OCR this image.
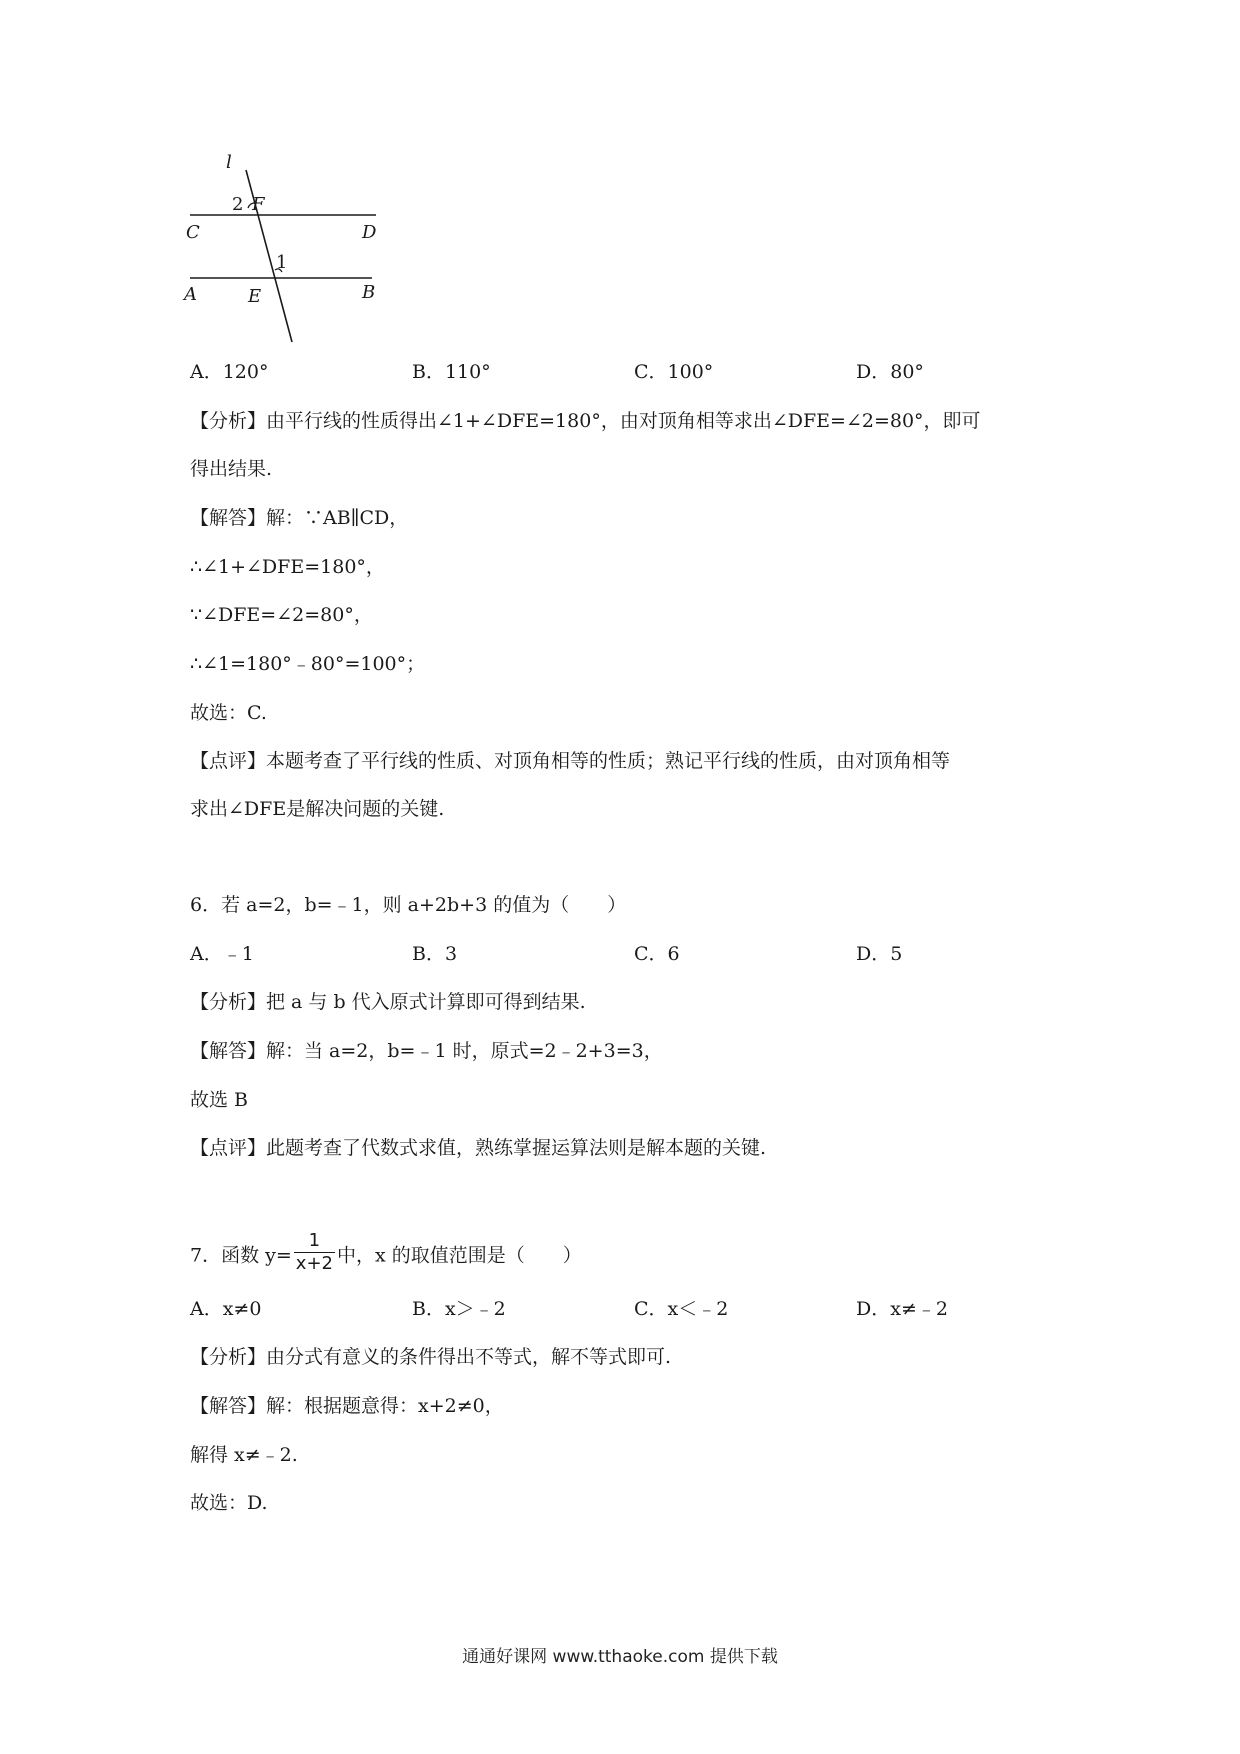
l
2 F
C	D
1
A	E	B
A．120°	B．110°	C．100°	D．80°
【分析】由平行线的性质得出∠1+∠DFE=180°，由对顶角相等求出∠DFE=∠2=80°，即可
得出结果.
【解答】解：∵AB∥CD，
∴∠1+∠DFE=180°，
∵∠DFE=∠2=80°，
∴∠1=180°﹣80°=100°；
故选：C.
【点评】本题考查了平行线的性质、对顶角相等的性质；熟记平行线的性质，由对顶角相等
求出∠DFE是解决问题的关键.
6．若 a=2，b=﹣1，则 a+2b+3 的值为（　　）
A．﹣1	B．3	C．6	D．5
【分析】把 a 与 b 代入原式计算即可得到结果.
【解答】解：当 a=2，b=﹣1 时，原式=2﹣2+3=3，
故选 B
【点评】此题考查了代数式求值，熟练掌握运算法则是解本题的关键.
7．函数 $y= \frac{1}{x+2}$ 中，x 的取值范围是（　　）
A．x≠0	B．x＞﹣2	C．x＜﹣2	D．x≠﹣2
【分析】由分式有意义的条件得出不等式，解不等式即可.
【解答】解：根据题意得：x+2≠0，
解得 x≠﹣2.
故选：D.
通通好课网 www.tthaoke.com 提供下载
